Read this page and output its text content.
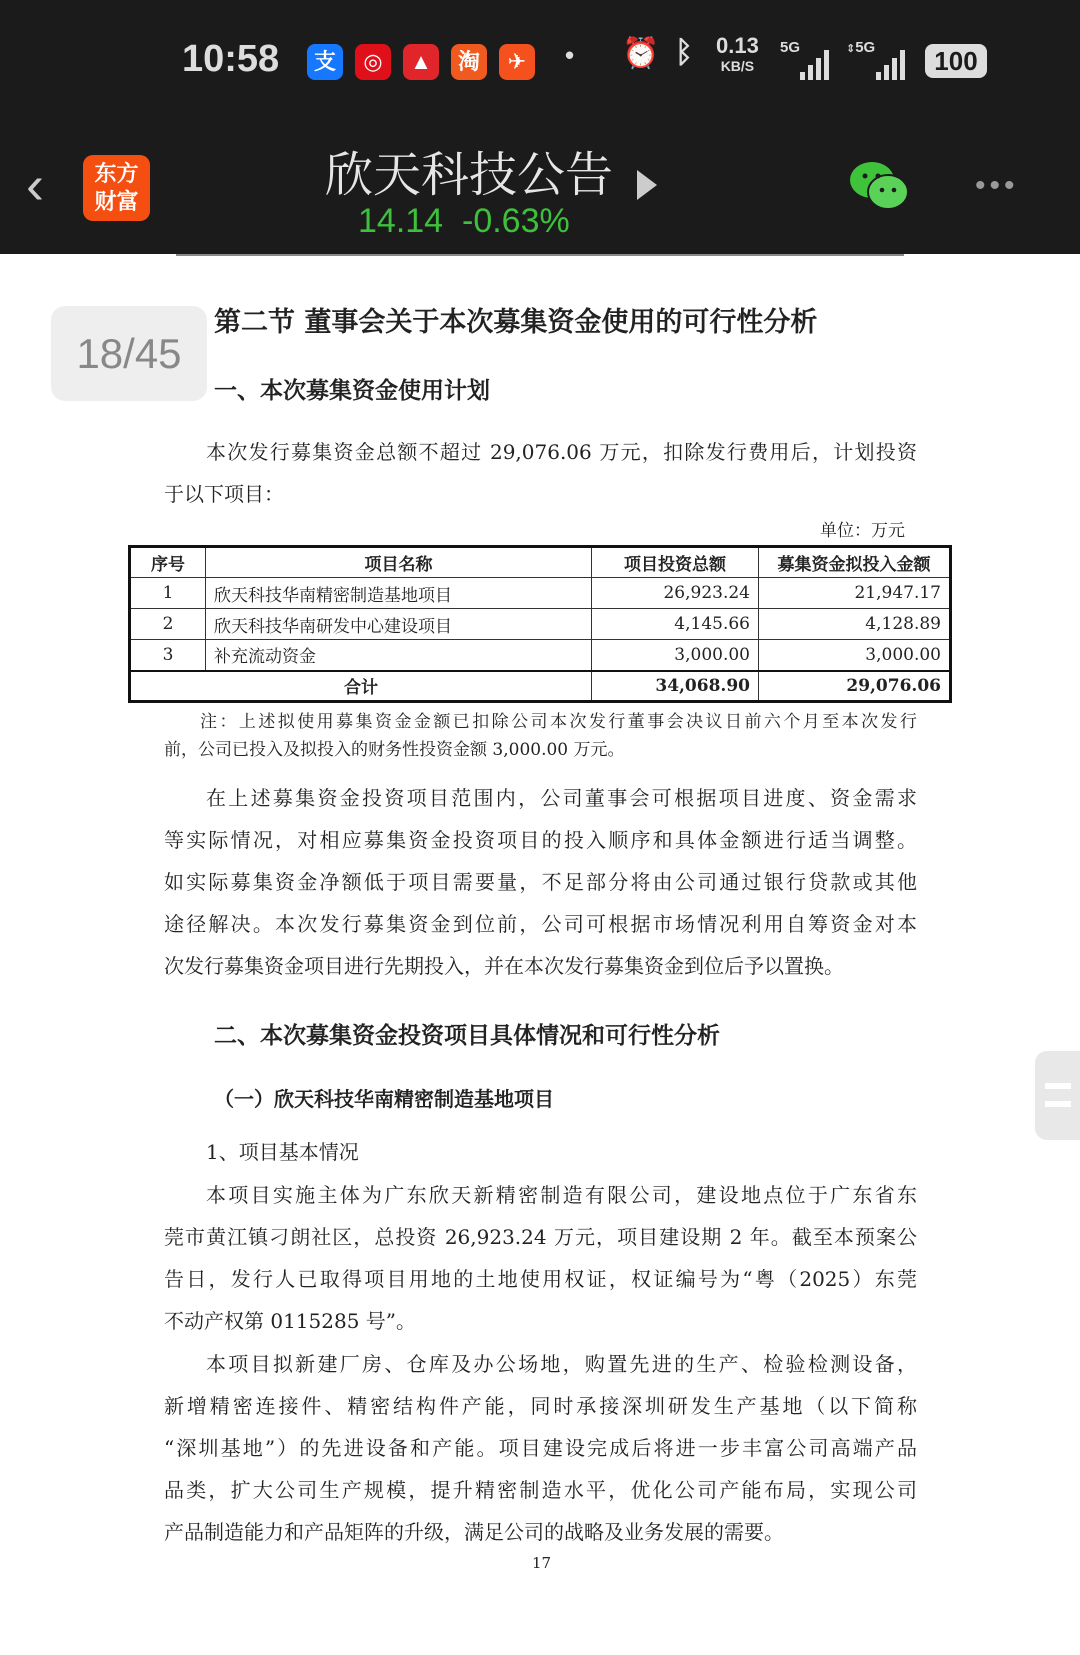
10:58	支	◎	▲	淘	✈	• ⏰ ᛒ 0.13
KB/S
5G	⇕5G	100
‹	东方
财富	欣天科技公告
14.14 -0.63%
•••
18/45
第二节 董事会关于本次募集资金使用的可行性分析
一、本次募集资金使用计划
本次发行募集资金总额不超过 29,076.06 万元，扣除发行费用后，计划投资
于以下项目：
单位：万元
序号	项目名称	项目投资总额	募集资金拟投入金额
1	欣天科技华南精密制造基地项目	26,923.24	21,947.17
2	欣天科技华南研发中心建设项目	4,145.66	4,128.89
3	补充流动资金	3,000.00	3,000.00
合计		34,068.90	29,076.06
注：上述拟使用募集资金金额已扣除公司本次发行董事会决议日前六个月至本次发行
前，公司已投入及拟投入的财务性投资金额 3,000.00 万元。
在上述募集资金投资项目范围内，公司董事会可根据项目进度、资金需求
等实际情况，对相应募集资金投资项目的投入顺序和具体金额进行适当调整。
如实际募集资金净额低于项目需要量，不足部分将由公司通过银行贷款或其他
途径解决。本次发行募集资金到位前，公司可根据市场情况利用自筹资金对本
次发行募集资金项目进行先期投入，并在本次发行募集资金到位后予以置换。
二、本次募集资金投资项目具体情况和可行性分析
（一）欣天科技华南精密制造基地项目
1、项目基本情况
本项目实施主体为广东欣天新精密制造有限公司，建设地点位于广东省东
莞市黄江镇刁朗社区，总投资 26,923.24 万元，项目建设期 2 年。截至本预案公
告日，发行人已取得项目用地的土地使用权证，权证编号为“粤（2025）东莞
不动产权第 0115285 号”。
本项目拟新建厂房、仓库及办公场地，购置先进的生产、检验检测设备，
新增精密连接件、精密结构件产能，同时承接深圳研发生产基地（以下简称
“深圳基地”）的先进设备和产能。项目建设完成后将进一步丰富公司高端产品
品类，扩大公司生产规模，提升精密制造水平，优化公司产能布局，实现公司
产品制造能力和产品矩阵的升级，满足公司的战略及业务发展的需要。
17
